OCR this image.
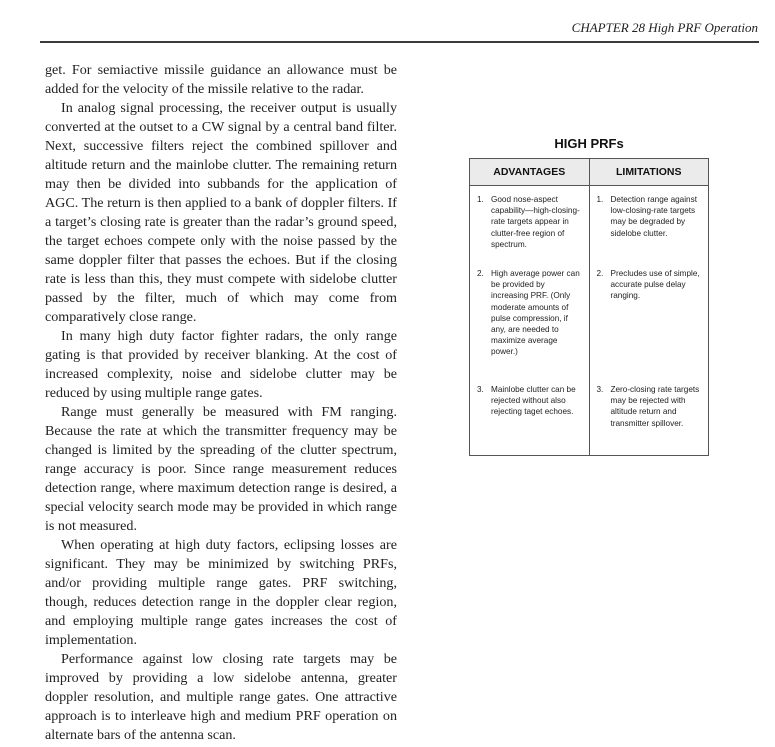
CHAPTER 28 High PRF Operation

get. For semiactive missile guidance an allowance must be added for the velocity of the missile relative to the radar.

In analog signal processing, the receiver output is usually converted at the outset to a CW signal by a central band filter. Next, successive filters reject the combined spillover and altitude return and the mainlobe clutter. The remaining return may then be divided into subbands for the application of AGC. The return is then applied to a bank of doppler filters. If a target’s closing rate is greater than the radar’s ground speed, the target echoes compete only with the noise passed by the same doppler filter that passes the echoes. But if the closing rate is less than this, they must compete with sidelobe clutter passed by the filter, much of which may come from comparatively close range.

In many high duty factor fighter radars, the only range gating is that provided by receiver blanking. At the cost of increased complexity, noise and sidelobe clutter may be reduced by using multiple range gates.

Range must generally be measured with FM ranging. Because the rate at which the transmitter frequency may be changed is limited by the spreading of the clutter spectrum, range accuracy is poor. Since range measurement reduces detection range, where maximum detection range is desired, a special velocity search mode may be provided in which range is not measured.

When operating at high duty factors, eclipsing losses are significant. They may be minimized by switching PRFs, and/or providing multiple range gates. PRF switching, though, reduces detection range in the doppler clear region, and employing multiple range gates increases the cost of implementation.

Performance against low closing rate targets may be improved by providing a low sidelobe antenna, greater doppler resolution, and multiple range gates. One attractive approach is to interleave high and medium PRF operation on alternate bars of the antenna scan.

HIGH PRFs
ADVANTAGES	LIMITATIONS
1. Good nose-aspect capability—high-closing-rate targets appear in clutter-free region of spectrum.
2. High average power can be provided by increasing PRF. (Only moderate amounts of pulse compression, if any, are needed to maximize average power.)
3. Mainlobe clutter can be rejected without also rejecting taget echoes.
1. Detection range against low-closing-rate targets may be degraded by sidelobe clutter.
2. Precludes use of simple, accurate pulse delay ranging.
3. Zero-closing rate targets may be rejected with altitude return and transmitter spillover.
